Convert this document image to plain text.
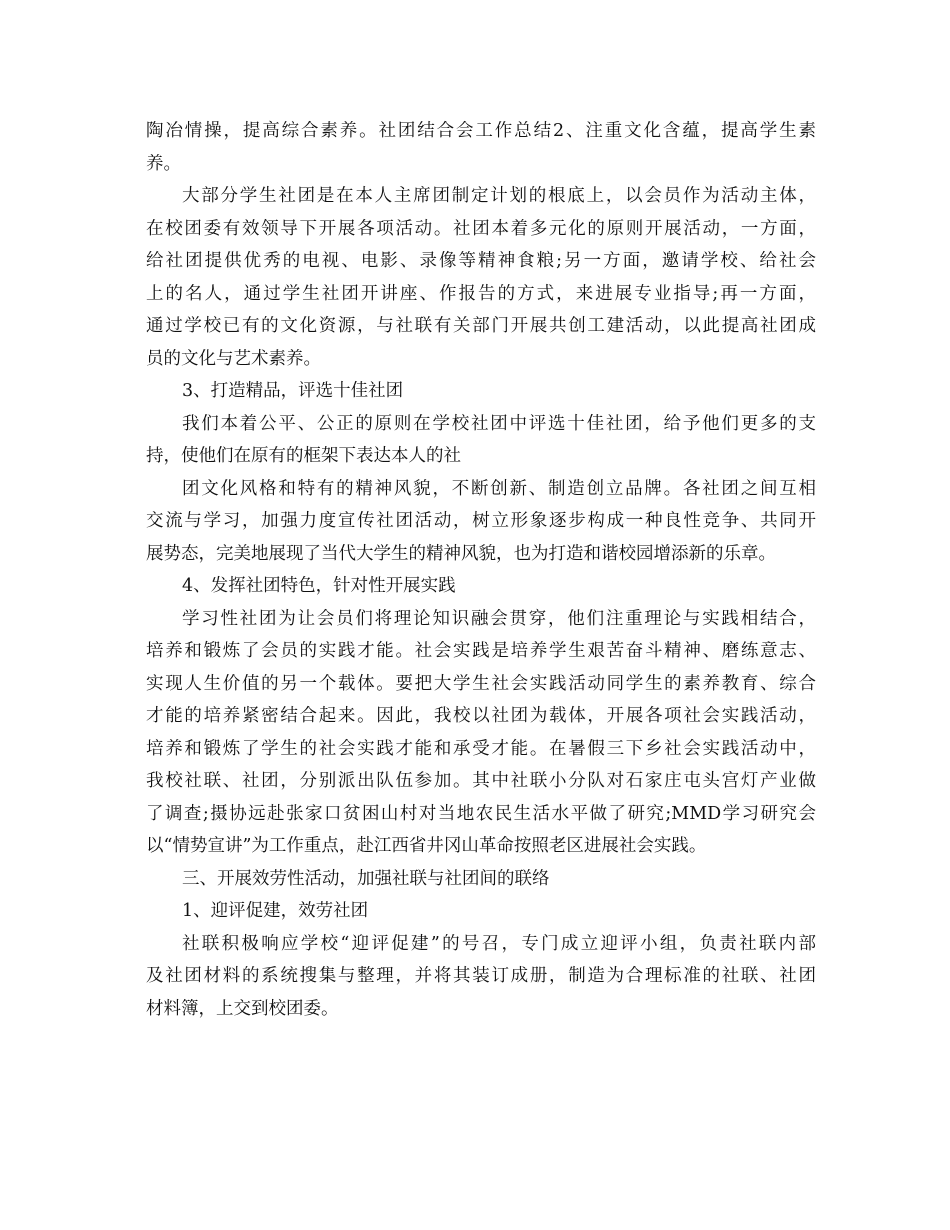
陶冶情操，提高综合素养。社团结合会工作总结2、注重文化含蕴，提高学生素
养。
大部分学生社团是在本人主席团制定计划的根底上，以会员作为活动主体，
在校团委有效领导下开展各项活动。社团本着多元化的原则开展活动，一方面，
给社团提供优秀的电视、电影、录像等精神食粮;另一方面，邀请学校、给社会
上的名人，通过学生社团开讲座、作报告的方式，来进展专业指导;再一方面，
通过学校已有的文化资源，与社联有关部门开展共创工建活动，以此提高社团成
员的文化与艺术素养。
3、打造精品，评选十佳社团
我们本着公平、公正的原则在学校社团中评选十佳社团，给予他们更多的支
持，使他们在原有的框架下表达本人的社
团文化风格和特有的精神风貌，不断创新、制造创立品牌。各社团之间互相
交流与学习，加强力度宣传社团活动，树立形象逐步构成一种良性竞争、共同开
展势态，完美地展现了当代大学生的精神风貌，也为打造和谐校园增添新的乐章。
4、发挥社团特色，针对性开展实践
学习性社团为让会员们将理论知识融会贯穿，他们注重理论与实践相结合，
培养和锻炼了会员的实践才能。社会实践是培养学生艰苦奋斗精神、磨练意志、
实现人生价值的另一个载体。要把大学生社会实践活动同学生的素养教育、综合
才能的培养紧密结合起来。因此，我校以社团为载体，开展各项社会实践活动，
培养和锻炼了学生的社会实践才能和承受才能。在暑假三下乡社会实践活动中，
我校社联、社团，分别派出队伍参加。其中社联小分队对石家庄屯头宫灯产业做
了调查;摄协远赴张家口贫困山村对当地农民生活水平做了研究;MMD学习研究会
以“情势宣讲”为工作重点，赴江西省井冈山革命按照老区进展社会实践。
三、开展效劳性活动，加强社联与社团间的联络
1、迎评促建，效劳社团
社联积极响应学校“迎评促建”的号召，专门成立迎评小组，负责社联内部
及社团材料的系统搜集与整理，并将其装订成册，制造为合理标准的社联、社团
材料簿，上交到校团委。
